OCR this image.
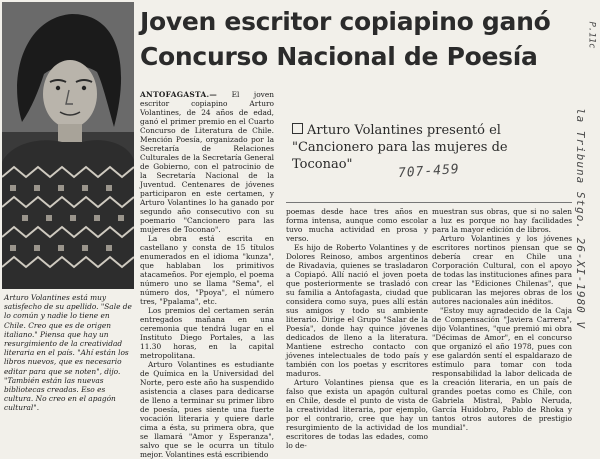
Joven escritor copiapino ganó
Concurso Nacional de Poesía

Arturo Volantines está muy satisfecho de su apellido. "Sale de lo común y nadie lo tiene en Chile. Creo que es de origen italiano." Piensa que hay un resurgimiento de la creatividad literaria en el país. "Ahí están los libros nuevos, que es necesario editar para que se noten", dijo. "También están las nuevas bibliotecas creadas. Eso es cultura. No creo en el apagón cultural".

ANTOFAGASTA.— El joven escritor copiapino Arturo Volantines, de 24 años de edad, ganó el primer premio en el Cuarto Concurso de Literatura de Chile. Mención Poesía, organizado por la Secretaría de Relaciones Culturales de la Secretaría General de Gobierno, con el patrocinio de la Secretaría Nacional de la Juventud. Centenares de jóvenes participaron en este certamen, y Arturo Volantines lo ha ganado por segundo año consecutivo con su poemario "Cancionero para las mujeres de Toconao".

La obra está escrita en castellano y consta de 15 títulos enumerados en el idioma "kunza", que hablaban los primitivos atacameños. Por ejemplo, el poema número uno se llama "Sema", el número dos, "Ppoya", el número tres, "Ppalama", etc.

Los premios del certamen serán entregados mañana en una ceremonia que tendrá lugar en el Instituto Diego Portales, a las 11.30 horas, en la capital metropolitana.

Arturo Volantines es estudiante de Química en la Universidad del Norte, pero este año ha suspendido asistencia a clases para dedicarse de lleno a terminar su primer libro de poesía, pues siente una fuerte vocación literaria y quiere darle cima a ésta, su primera obra, que se llamará "Amor y Esperanza", salvo que se le ocurra un título mejor. Volantines está escribiendo

Arturo Volantines presentó el "Cancionero para las mujeres de Toconao"

poemas desde hace tres años en forma intensa, aunque como escolar tuvo mucha actividad en prosa y verso.

Es hijo de Roberto Volantines y de Dolores Reinoso, ambos argentinos de Rivadavia, quienes se trasladaron a Copiapó. Allí nació el joven poeta que posteriormente se trasladó con su familia a Antofagasta, ciudad que considera como suya, pues allí están sus amigos y todo su ambiente literario. Dirige el Grupo "Salar de la Poesía", donde hay quince jóvenes dedicados de lleno a la literatura. Mantiene estrecho contacto con jóvenes intelectuales de todo país y también con los poetas y escritores maduros.

Arturo Volantines piensa que es falso que exista un apagón cultural en Chile, desde el punto de vista de la creatividad literaria, por ejemplo, por el contrario, cree que hay un resurgimiento de la actividad de los escritores de todas las edades, como lo de-

muestran sus obras, que si no salen a luz es porque no hay facilidades para la mayor edición de libros.

Arturo Volantines y los jóvenes escritores nortinos piensan que se debería crear en Chile una Corporación Cultural, con el apoyo de todas las instituciones afines para crear las "Ediciones Chilenas", que publicaran las mejores obras de los autores nacionales aún inéditos.

"Estoy muy agradecido de la Caja de Compensación "Javiera Carrera", dijo Volantines, "que premió mi obra "Décimas de Amor", en el concurso que organizó el año 1978, pues con ese galardón sentí el espaldarazo de estímulo para tomar con toda responsabilidad la labor delicada de la creación literaria, en un país de grandes poetas como es Chile, con Gabriela Mistral, Pablo Neruda, García Huidobro, Pablo de Rhoka y tantos otros autores de prestigio mundial".

P.11c
707-459	la Tribuna Stgo. 26-XI-1980 V
